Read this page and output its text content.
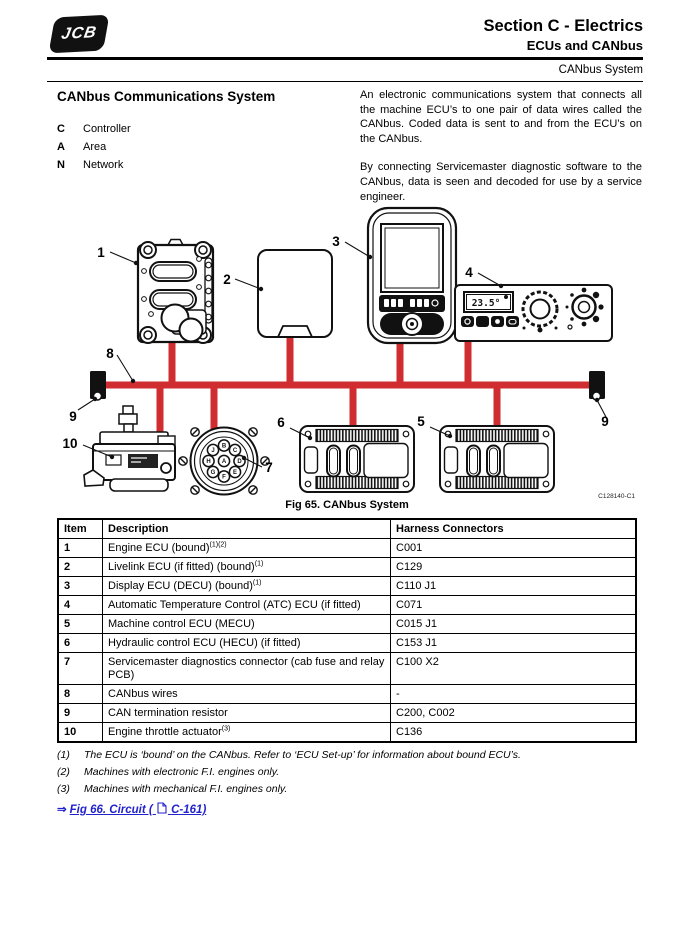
JCB	Section C - Electrics
ECUs and CANbus
CANbus System
CANbus Communications System
C Controller
A Area
N Network

An electronic communications system that connects all the machine ECU’s to one pair of data wires called the CANbus. Coded data is sent to and from the ECU’s on the CANbus.

By connecting Servicemaster diagnostic software to the CANbus, data is seen and decoded for use by a service engineer.

23.5°
A
B
C
D
E
F
G
H
J
1
2
3
4
8
9
10
7
6	5	9
C128140-C1
Fig 65. CANbus System
Item	Description	Harness Connectors
1	Engine ECU (bound)$^{(1)(2)}$	C001
2	Livelink ECU (if fitted) (bound)$^{(1)}$	C129
3	Display ECU (DECU) (bound)$^{(1)}$	C110 J1
4	Automatic Temperature Control (ATC) ECU (if fitted)	C071
5	Machine control ECU (MECU)	C015 J1
6	Hydraulic control ECU (HECU) (if fitted)	C153 J1
7	Servicemaster diagnostics connector (cab fuse and relay PCB)	C100 X2
8	CANbus wires	-
9	CAN termination resistor	C200, C002
10	Engine throttle actuator$^{(3)}$	C136
(1) The ECU is ‘bound’ on the CANbus. Refer to ‘ECU Set-up’ for information about bound ECU’s.
(2) Machines with electronic F.I. engines only.
(3) Machines with mechanical F.I. engines only.
⇒ Fig 66. Circuit ( C-161)
